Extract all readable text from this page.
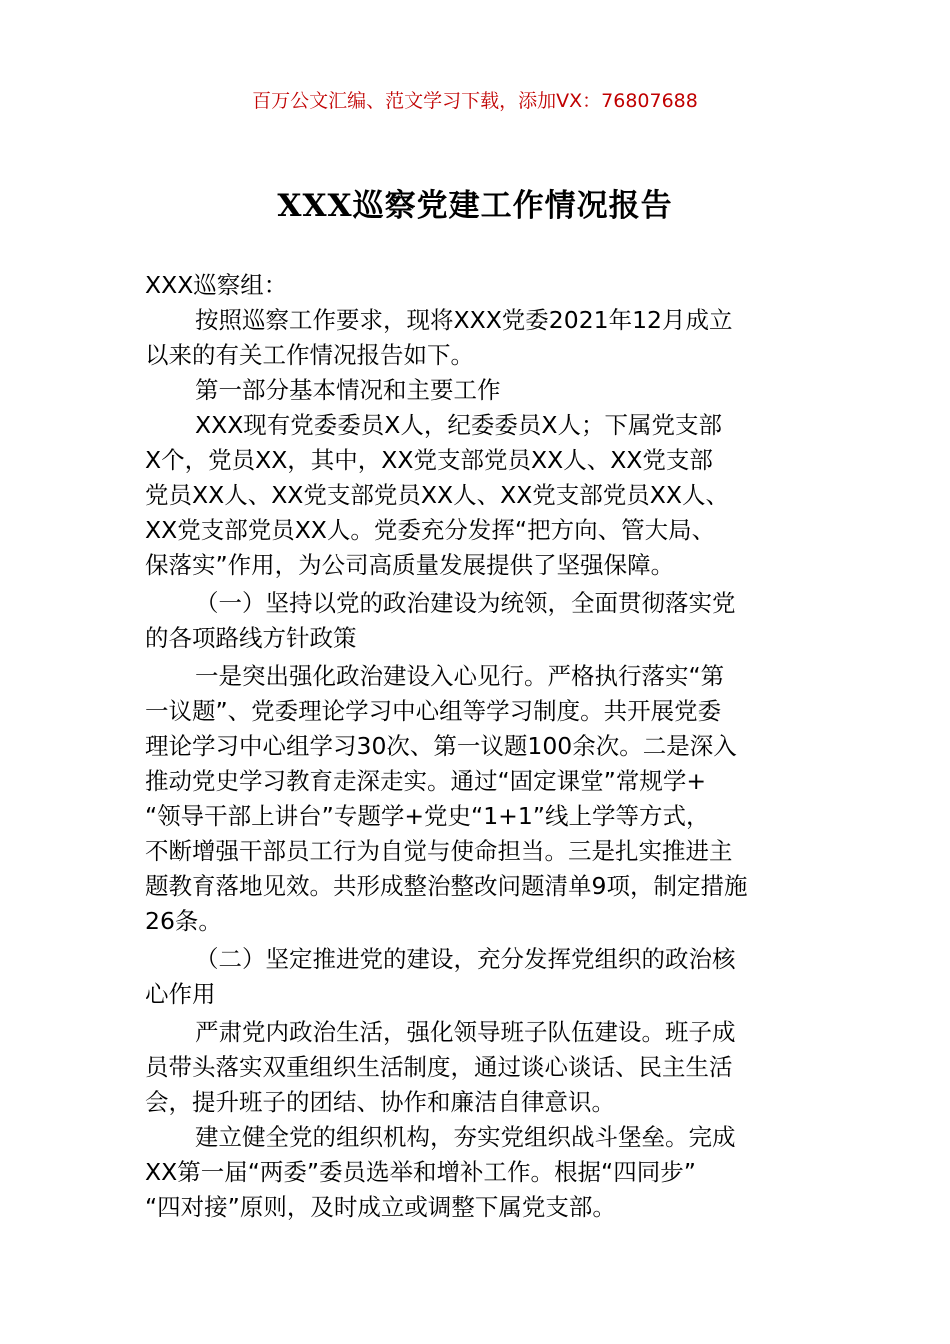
百万公文汇编、范文学习下载，添加VX：76807688
XXX巡察党建工作情况报告
XXX巡察组：
按照巡察工作要求，现将XXX党委2021年12月成立
以来的有关工作情况报告如下。
第一部分基本情况和主要工作
XXX现有党委委员X人，纪委委员X人；下属党支部
X个，党员XX，其中，XX党支部党员XX人、XX党支部
党员XX人、XX党支部党员XX人、XX党支部党员XX人、
XX党支部党员XX人。党委充分发挥“把方向、管大局、
保落实”作用，为公司高质量发展提供了坚强保障。
（一）坚持以党的政治建设为统领，全面贯彻落实党
的各项路线方针政策
一是突出强化政治建设入心见行。严格执行落实“第
一议题”、党委理论学习中心组等学习制度。共开展党委
理论学习中心组学习30次、第一议题100余次。二是深入
推动党史学习教育走深走实。通过“固定课堂”常规学+
“领导干部上讲台”专题学+党史“1+1”线上学等方式，
不断增强干部员工行为自觉与使命担当。三是扎实推进主
题教育落地见效。共形成整治整改问题清单9项，制定措施
26条。
（二）坚定推进党的建设，充分发挥党组织的政治核
心作用
严肃党内政治生活，强化领导班子队伍建设。班子成
员带头落实双重组织生活制度，通过谈心谈话、民主生活
会，提升班子的团结、协作和廉洁自律意识。
建立健全党的组织机构，夯实党组织战斗堡垒。完成
XX第一届“两委”委员选举和增补工作。根据“四同步”
“四对接”原则，及时成立或调整下属党支部。
